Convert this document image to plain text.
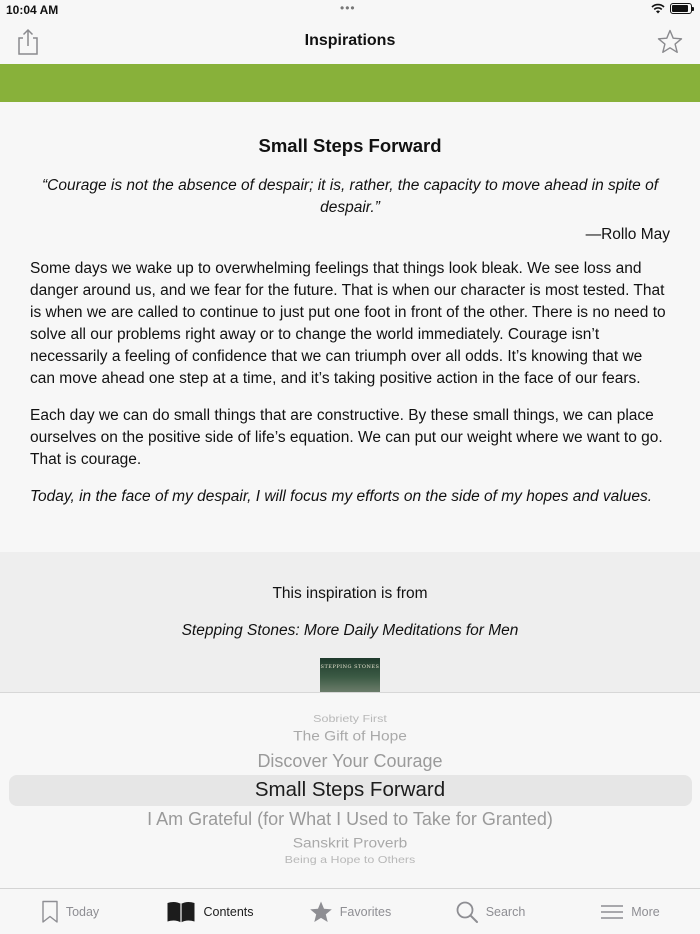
10:04 AM	•••
Inspirations
Small Steps Forward
“Courage is not the absence of despair; it is, rather, the capacity to move ahead in spite of despair.”
—Rollo May

Some days we wake up to overwhelming feelings that things look bleak. We see loss and danger around us, and we fear for the future. That is when our character is most tested. That is when we are called to continue to just put one foot in front of the other. There is no need to solve all our problems right away or to change the world immediately. Courage isn’t necessarily a feeling of confidence that we can triumph over all odds. It’s knowing that we can move ahead one step at a time, and it’s taking positive action in the face of our fears.

Each day we can do small things that are constructive. By these small things, we can place ourselves on the positive side of life’s equation. We can put our weight where we want to go. That is courage.

Today, in the face of my despair, I will focus my efforts on the side of my hopes and values.

This inspiration is from
Stepping Stones: More Daily Meditations for Men
STEPPING STONES
Sobriety First
The Gift of Hope
Discover Your Courage
Small Steps Forward
I Am Grateful (for What I Used to Take for Granted)
Sanskrit Proverb
Being a Hope to Others
Today	Contents	Favorites	Search	More
